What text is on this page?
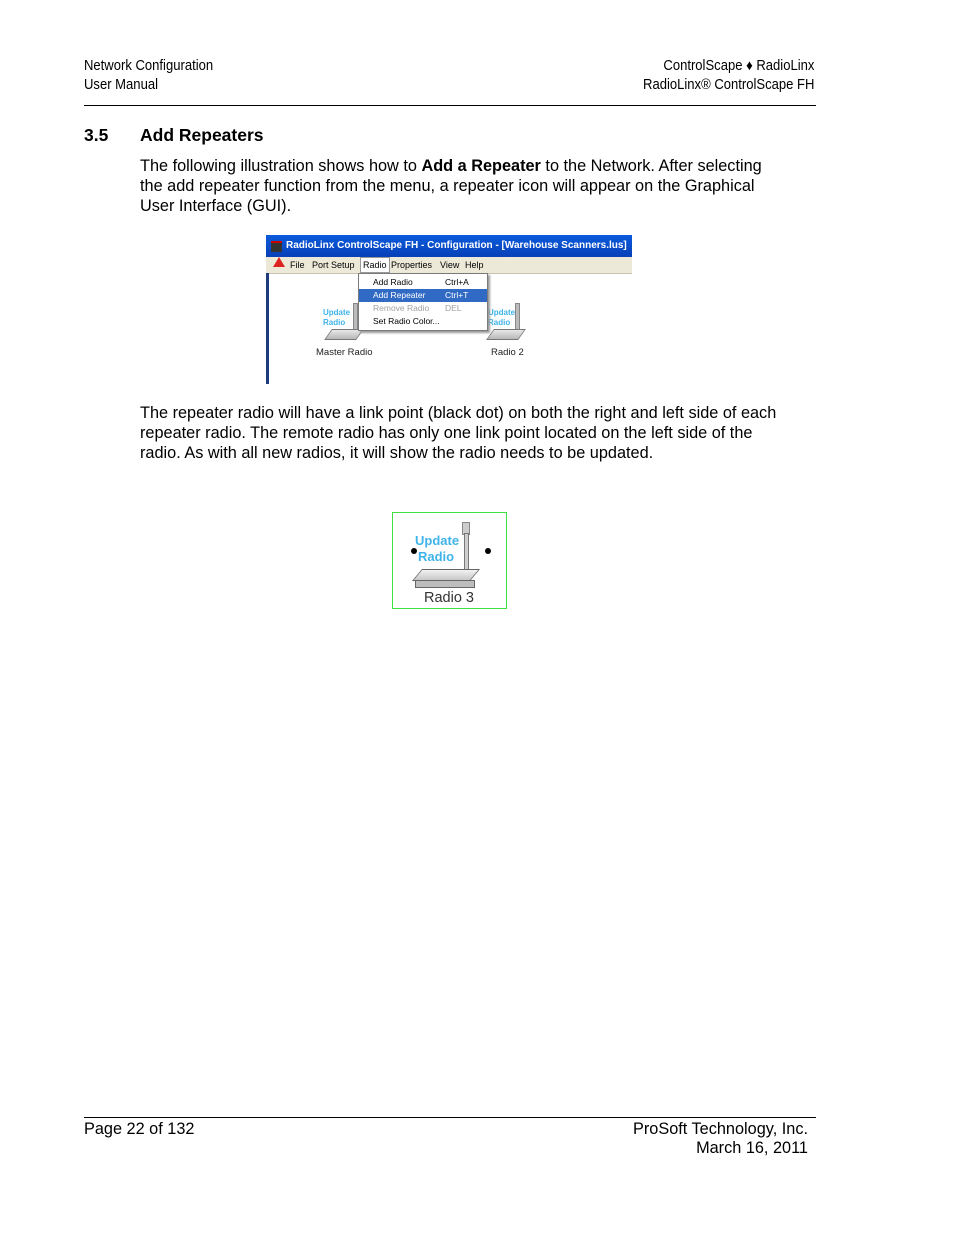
Network Configuration
User Manual
ControlScape ♦ RadioLinx
RadioLinx® ControlScape FH
3.5 Add Repeaters
The following illustration shows how to Add a Repeater to the Network. After selecting the add repeater function from the menu, a repeater icon will appear on the Graphical User Interface (GUI).
RadioLinx ControlScape FH - Configuration - [Warehouse Scanners.lus]
File Port Setup Radio Properties View Help
Update
Radio
Master Radio
Update
Radio
Radio 2
Add Radio	Ctrl+A
Add Repeater Ctrl+T
Remove Radio DEL
Set Radio Color...
The repeater radio will have a link point (black dot) on both the right and left side of each repeater radio. The remote radio has only one link point located on the left side of the radio. As with all new radios, it will show the radio needs to be updated.
Update
Radio
Radio 3
Page 22 of 132	ProSoft Technology, Inc.
March 16, 2011
